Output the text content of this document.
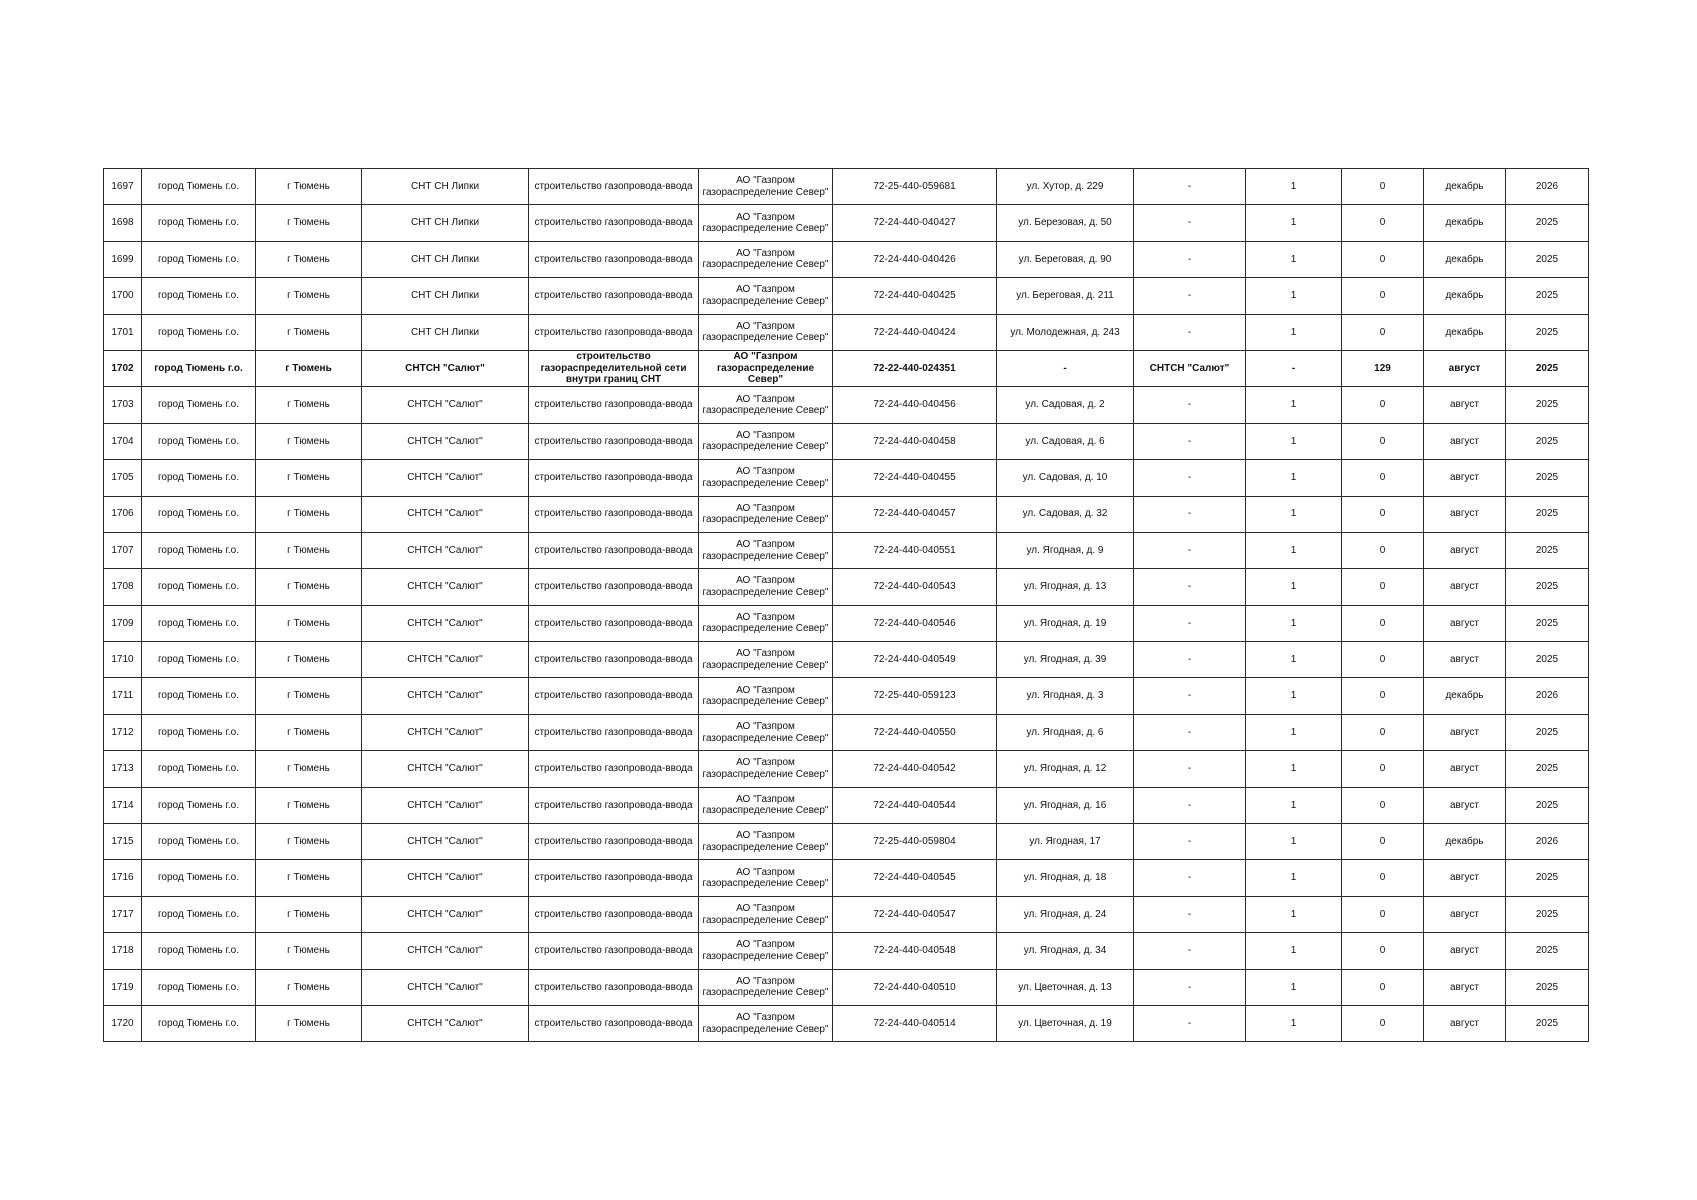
1697	город Тюмень г.о.	г Тюмень	СНТ СН Липки	строительство газопровода-ввода	АО "Газпром газораспределение Север"	72-25-440-059681	ул. Хутор, д. 229	-	1	0	декабрь	2026
1698	город Тюмень г.о.	г Тюмень	СНТ СН Липки	строительство газопровода-ввода	АО "Газпром газораспределение Север"	72-24-440-040427	ул. Березовая, д. 50	-	1	0	декабрь	2025
1699	город Тюмень г.о.	г Тюмень	СНТ СН Липки	строительство газопровода-ввода	АО "Газпром газораспределение Север"	72-24-440-040426	ул. Береговая, д. 90	-	1	0	декабрь	2025
1700	город Тюмень г.о.	г Тюмень	СНТ СН Липки	строительство газопровода-ввода	АО "Газпром газораспределение Север"	72-24-440-040425	ул. Береговая, д. 211	-	1	0	декабрь	2025
1701	город Тюмень г.о.	г Тюмень	СНТ СН Липки	строительство газопровода-ввода	АО "Газпром газораспределение Север"	72-24-440-040424	ул. Молодежная, д. 243	-	1	0	декабрь	2025
1702	город Тюмень г.о.	г Тюмень	СНТСН "Салют"	строительство газораспределительной сети внутри границ СНТ	АО "Газпром газораспределение Север"	72-22-440-024351	-	СНТСН "Салют"	-	129	август	2025
1703	город Тюмень г.о.	г Тюмень	СНТСН "Салют"	строительство газопровода-ввода	АО "Газпром газораспределение Север"	72-24-440-040456	ул. Садовая, д. 2	-	1	0	август	2025
1704	город Тюмень г.о.	г Тюмень	СНТСН "Салют"	строительство газопровода-ввода	АО "Газпром газораспределение Север"	72-24-440-040458	ул. Садовая, д. 6	-	1	0	август	2025
1705	город Тюмень г.о.	г Тюмень	СНТСН "Салют"	строительство газопровода-ввода	АО "Газпром газораспределение Север"	72-24-440-040455	ул. Садовая, д. 10	-	1	0	август	2025
1706	город Тюмень г.о.	г Тюмень	СНТСН "Салют"	строительство газопровода-ввода	АО "Газпром газораспределение Север"	72-24-440-040457	ул. Садовая, д. 32	-	1	0	август	2025
1707	город Тюмень г.о.	г Тюмень	СНТСН "Салют"	строительство газопровода-ввода	АО "Газпром газораспределение Север"	72-24-440-040551	ул. Ягодная, д. 9	-	1	0	август	2025
1708	город Тюмень г.о.	г Тюмень	СНТСН "Салют"	строительство газопровода-ввода	АО "Газпром газораспределение Север"	72-24-440-040543	ул. Ягодная, д. 13	-	1	0	август	2025
1709	город Тюмень г.о.	г Тюмень	СНТСН "Салют"	строительство газопровода-ввода	АО "Газпром газораспределение Север"	72-24-440-040546	ул. Ягодная, д. 19	-	1	0	август	2025
1710	город Тюмень г.о.	г Тюмень	СНТСН "Салют"	строительство газопровода-ввода	АО "Газпром газораспределение Север"	72-24-440-040549	ул. Ягодная, д. 39	-	1	0	август	2025
1711	город Тюмень г.о.	г Тюмень	СНТСН "Салют"	строительство газопровода-ввода	АО "Газпром газораспределение Север"	72-25-440-059123	ул. Ягодная, д. 3	-	1	0	декабрь	2026
1712	город Тюмень г.о.	г Тюмень	СНТСН "Салют"	строительство газопровода-ввода	АО "Газпром газораспределение Север"	72-24-440-040550	ул. Ягодная, д. 6	-	1	0	август	2025
1713	город Тюмень г.о.	г Тюмень	СНТСН "Салют"	строительство газопровода-ввода	АО "Газпром газораспределение Север"	72-24-440-040542	ул. Ягодная, д. 12	-	1	0	август	2025
1714	город Тюмень г.о.	г Тюмень	СНТСН "Салют"	строительство газопровода-ввода	АО "Газпром газораспределение Север"	72-24-440-040544	ул. Ягодная, д. 16	-	1	0	август	2025
1715	город Тюмень г.о.	г Тюмень	СНТСН "Салют"	строительство газопровода-ввода	АО "Газпром газораспределение Север"	72-25-440-059804	ул. Ягодная, 17	-	1	0	декабрь	2026
1716	город Тюмень г.о.	г Тюмень	СНТСН "Салют"	строительство газопровода-ввода	АО "Газпром газораспределение Север"	72-24-440-040545	ул. Ягодная, д. 18	-	1	0	август	2025
1717	город Тюмень г.о.	г Тюмень	СНТСН "Салют"	строительство газопровода-ввода	АО "Газпром газораспределение Север"	72-24-440-040547	ул. Ягодная, д. 24	-	1	0	август	2025
1718	город Тюмень г.о.	г Тюмень	СНТСН "Салют"	строительство газопровода-ввода	АО "Газпром газораспределение Север"	72-24-440-040548	ул. Ягодная, д. 34	-	1	0	август	2025
1719	город Тюмень г.о.	г Тюмень	СНТСН "Салют"	строительство газопровода-ввода	АО "Газпром газораспределение Север"	72-24-440-040510	ул. Цветочная, д. 13	-	1	0	август	2025
1720	город Тюмень г.о.	г Тюмень	СНТСН "Салют"	строительство газопровода-ввода	АО "Газпром газораспределение Север"	72-24-440-040514	ул. Цветочная, д. 19	-	1	0	август	2025
